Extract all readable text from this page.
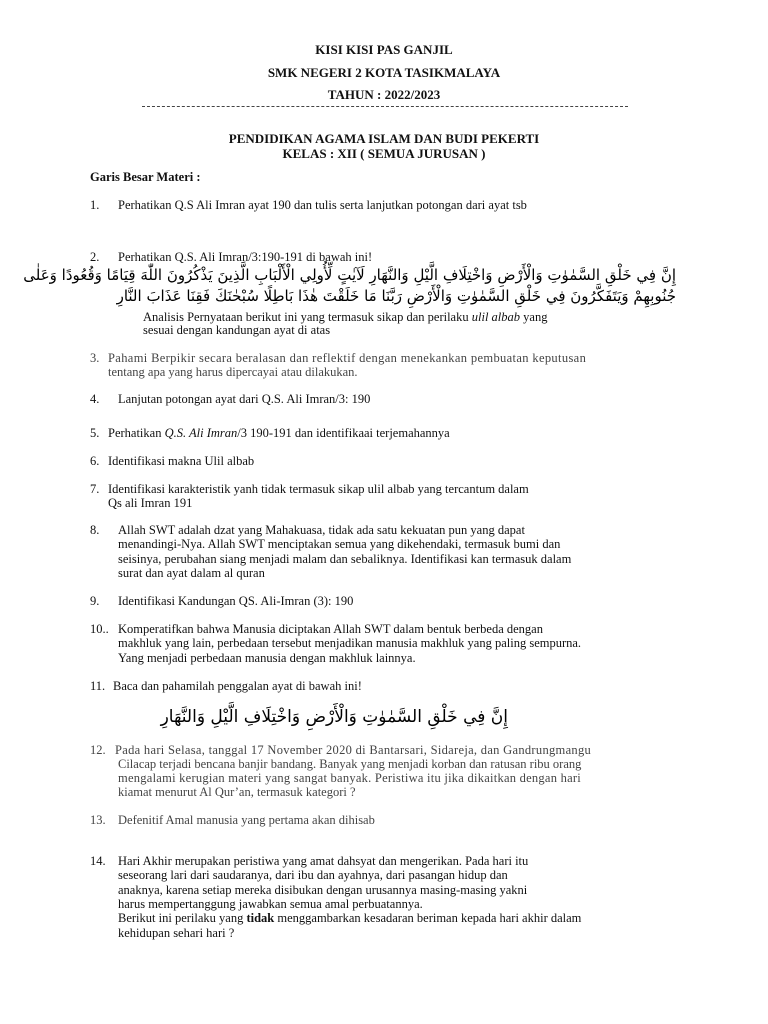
KISI KISI PAS GANJIL
SMK NEGERI 2 KOTA TASIKMALAYA
TAHUN : 2022/2023
PENDIDIKAN AGAMA ISLAM DAN BUDI PEKERTI
KELAS : XII ( SEMUA JURUSAN )
Garis Besar Materi :
1. Perhatikan Q.S Ali Imran ayat 190 dan tulis serta lanjutkan potongan dari ayat tsb
2. Perhatikan Q.S. Ali Imran/3:190-191 di bawah ini!
إِنَّ فِي خَلْقِ السَّمٰوٰتِ وَالْأَرْضِ وَاخْتِلَافِ الَّيْلِ وَالنَّهَارِ لَآيٰتٍ لِّأُولِي الْأَلْبَابِ الَّذِينَ يَذْكُرُونَ اللّٰهَ قِيَامًا وَقُعُودًا وَعَلٰى
جُنُوبِهِمْ وَيَتَفَكَّرُونَ فِي خَلْقِ السَّمٰوٰتِ وَالْأَرْضِ رَبَّنَا مَا خَلَقْتَ هٰذَا بَاطِلًا سُبْحٰنَكَ فَقِنَا عَذَابَ النَّارِ
Analisis Pernyataan berikut ini yang termasuk sikap dan perilaku ulil albab yang
sesuai dengan kandungan ayat di atas
3. Pahami Berpikir secara beralasan dan reflektif dengan menekankan pembuatan keputusan
tentang apa yang harus dipercayai atau dilakukan.
4. Lanjutan potongan ayat dari Q.S. Ali Imran/3: 190
5. Perhatikan Q.S. Ali Imran/3 190-191 dan identifikaai terjemahannya
6. Identifikasi makna Ulil albab
7. Identifikasi karakteristik yanh tidak termasuk sikap ulil albab yang tercantum dalam
Qs ali Imran 191
8. Allah SWT adalah dzat yang Mahakuasa, tidak ada satu kekuatan pun yang dapat
menandingi-Nya. Allah SWT menciptakan semua yang dikehendaki, termasuk bumi dan
seisinya, perubahan siang menjadi malam dan sebaliknya. Identifikasi kan termasuk dalam
surat dan ayat dalam al quran
9. Identifikasi Kandungan QS. Ali-Imran (3): 190
10.. Komperatifkan bahwa Manusia diciptakan Allah SWT dalam bentuk berbeda dengan
makhluk yang lain, perbedaan tersebut menjadikan manusia makhluk yang paling sempurna.
Yang menjadi perbedaan manusia dengan makhluk lainnya.
11. Baca dan pahamilah penggalan ayat di bawah ini!
إِنَّ فِي خَلْقِ السَّمٰوٰتِ وَالْأَرْضِ وَاخْتِلَافِ الَّيْلِ وَالنَّهَارِ
12. Pada hari Selasa, tanggal 17 November 2020 di Bantarsari, Sidareja, dan Gandrungmangu
Cilacap terjadi bencana banjir bandang. Banyak yang menjadi korban dan ratusan ribu orang
mengalami kerugian materi yang sangat banyak. Peristiwa itu jika dikaitkan dengan hari
kiamat menurut Al Qur’an, termasuk kategori ?
13. Defenitif Amal manusia yang pertama akan dihisab
14. Hari Akhir merupakan peristiwa yang amat dahsyat dan mengerikan. Pada hari itu
seseorang lari dari saudaranya, dari ibu dan ayahnya, dari pasangan hidup dan
anaknya, karena setiap mereka disibukan dengan urusannya masing-masing yakni
harus mempertanggung jawabkan semua amal perbuatannya.
Berikut ini perilaku yang tidak menggambarkan kesadaran beriman kepada hari akhir dalam
kehidupan sehari hari ?
